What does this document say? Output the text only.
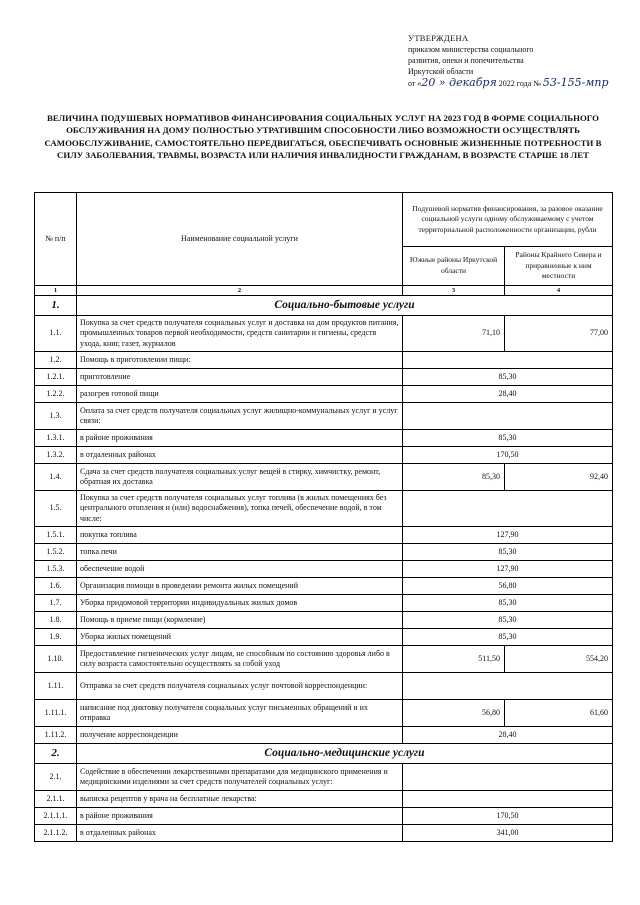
УТВЕРЖДЕНА
приказом министерства социального
развития, опеки и попечительства
Иркутской области
от «20 » декабря 2022 года № 53-155-мпр
ВЕЛИЧИНА ПОДУШЕВЫХ НОРМАТИВОВ ФИНАНСИРОВАНИЯ СОЦИАЛЬНЫХ УСЛУГ НА 2023 ГОД В ФОРМЕ СОЦИАЛЬНОГО ОБСЛУЖИВАНИЯ НА ДОМУ ПОЛНОСТЬЮ УТРАТИВШИМ СПОСОБНОСТИ ЛИБО ВОЗМОЖНОСТИ ОСУЩЕСТВЛЯТЬ САМООБСЛУЖИВАНИЕ, САМОСТОЯТЕЛЬНО ПЕРЕДВИГАТЬСЯ, ОБЕСПЕЧИВАТЬ ОСНОВНЫЕ ЖИЗНЕННЫЕ ПОТРЕБНОСТИ В СИЛУ ЗАБОЛЕВАНИЯ, ТРАВМЫ, ВОЗРАСТА ИЛИ НАЛИЧИЯ ИНВАЛИДНОСТИ ГРАЖДАНАМ, В ВОЗРАСТЕ СТАРШЕ 18 ЛЕТ
№ п/п	Наименование социальной услуги	Подушевой норматив финансирования, за разовое оказание социальной услуги одному обслуживаемому с учетом территориальной расположенности организации, рубли	
		Южные районы Иркутской области	Районы Крайнего Севера и приравненные к ним местности
1	2	3	4
1.	Социально-бытовые услуги		
1.1.	Покупка за счет средств получателя социальных услуг и доставка на дом продуктов питания, промышленных товаров первой необходимости, средств санитарии и гигиены, средств ухода, книг, газет, журналов	71,10	77,00
1.2.	Помощь в приготовлении пищи:		
1.2.1.	приготовление	85,30	
1.2.2.	разогрев готовой пищи	28,40	
1.3.	Оплата за счет средств получателя социальных услуг жилищно-коммунальных услуг и услуг связи:		
1.3.1.	в районе проживания	85,30	
1.3.2.	в отдаленных районах	170,50	
1.4.	Сдача за счет средств получателя социальных услуг вещей в стирку, химчистку, ремонт, обратная их доставка	85,30	92,40
1.5.	Покупка за счет средств получателя социальных услуг топлива (в жилых помещениях без центрального отопления и (или) водоснабжения), топка печей, обеспечение водой, в том числе:		
1.5.1.	покупка топлива	127,90	
1.5.2.	топка печи	85,30	
1.5.3.	обеспечение водой	127,90	
1.6.	Организация помощи в проведении ремонта жилых помещений	56,80	
1.7.	Уборка придомовой территории индивидуальных жилых домов	85,30	
1.8.	Помощь в приеме пищи (кормление)	85,30	
1.9.	Уборка жилых помещений	85,30	
1.10.	Предоставление гигиенических услуг лицам, не способным по состоянию здоровья либо в силу возраста самостоятельно осуществлять за собой уход	511,50	554,20
1.11.	Отправка за счет средств получателя социальных услуг почтовой корреспонденции:		
1.11.1.	написание под диктовку получателя социальных услуг письменных обращений и их отправка	56,80	61,60
1.11.2.	получение корреспонденции	28,40	
2.	Социально-медицинские услуги		
2.1.	Содействие в обеспечении лекарственными препаратами для медицинского применения и медицинскими изделиями за счет средств получателей социальных услуг:		
2.1.1.	выписка рецептов у врача на бесплатные лекарства:		
2.1.1.1.	в районе проживания	170,50	
2.1.1.2.	в отдаленных районах	341,00	
